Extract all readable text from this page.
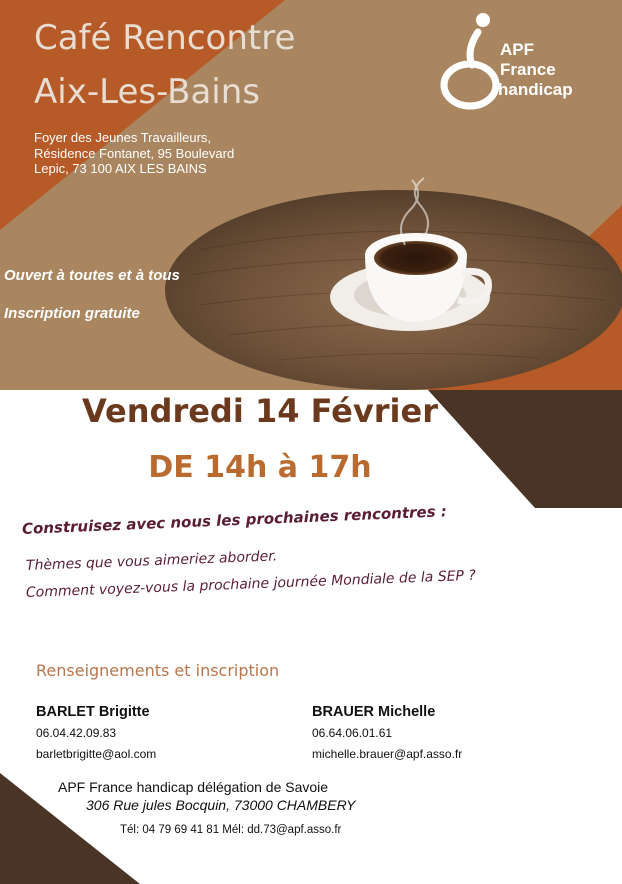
Café Rencontre
Aix-Les-Bains
Foyer des Jeunes Travailleurs,
Résidence Fontanet, 95 Boulevard
Lepic, 73 100 AIX LES BAINS
APF
France
handicap
Ouvert à toutes et à tous
Inscription gratuite
Vendredi 14 Février
DE 14h à 17h
Construisez avec nous les prochaines rencontres :
Thèmes que vous aimeriez aborder.
Comment voyez-vous la prochaine journée Mondiale de la SEP ?
Renseignements et inscription
BARLET Brigitte
06.04.42.09.83
barletbrigitte@aol.com
BRAUER Michelle
06.64.06.01.61
michelle.brauer@apf.asso.fr
APF France handicap délégation de Savoie
306 Rue jules Bocquin, 73000 CHAMBERY
Tél: 04 79 69 41 81 Mél: dd.73@apf.asso.fr
